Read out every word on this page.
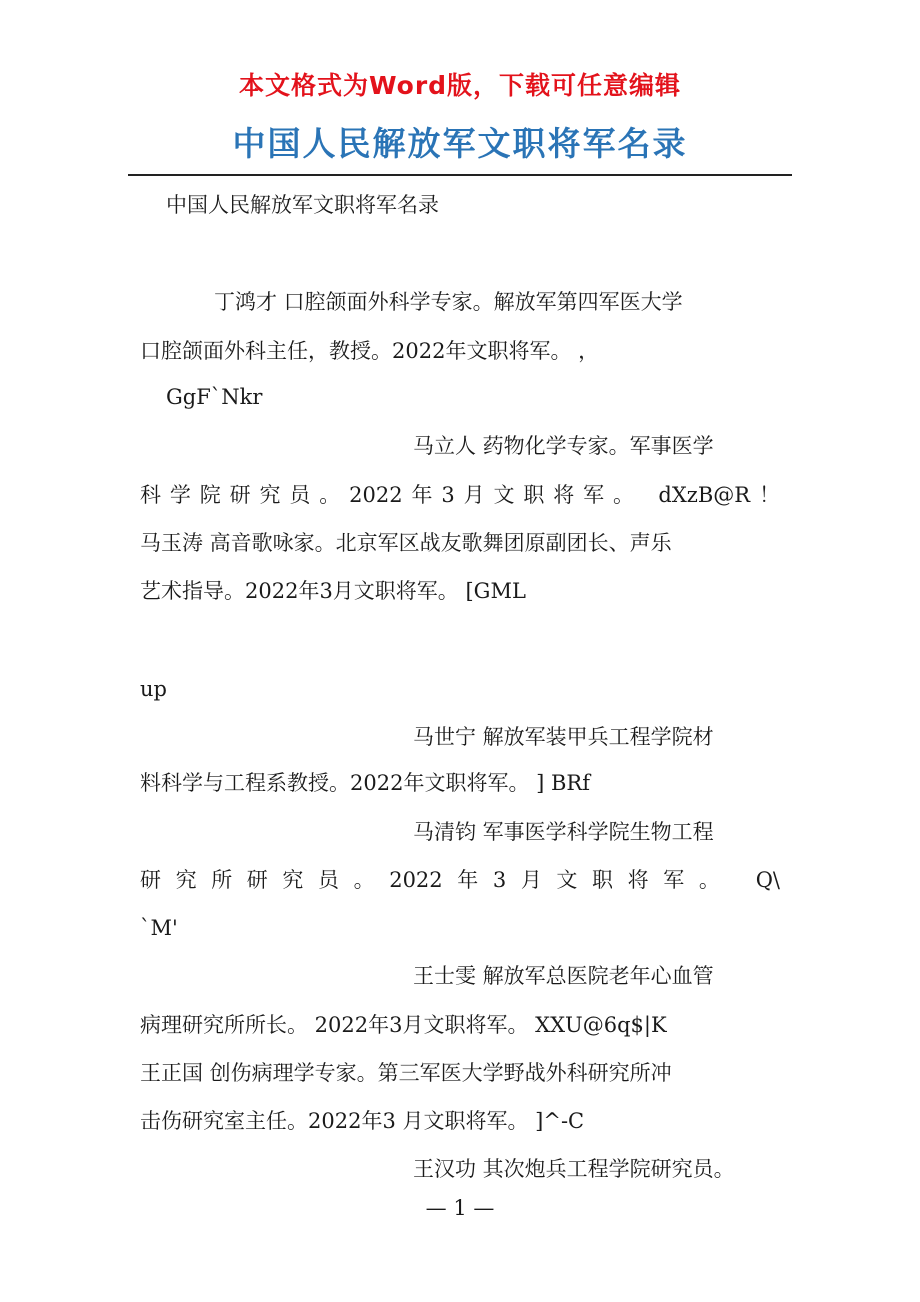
本文格式为Word版，下载可任意编辑
中国人民解放军文职将军名录
中国人民解放军文职将军名录
丁鸿才 口腔颌面外科学专家。解放军第四军医大学
口腔颌面外科主任，教授。2022年文职将军。 ，
GgF`Nkr
马立人 药物化学专家。军事医学
科学院研究员。2022年3月文职将军。 dXzB@R！
马玉涛 高音歌咏家。北京军区战友歌舞团原副团长、声乐
艺术指导。2022年3月文职将军。 [GML
up
马世宁 解放军装甲兵工程学院材
料科学与工程系教授。2022年文职将军。 ] BRf
马清钧 军事医学科学院生物工程
研究所研究员。2022年3月文职将军。 Q\
`M'
王士雯 解放军总医院老年心血管
病理研究所所长。 2022年3月文职将军。 XXU@6q$|K
王正国 创伤病理学专家。第三军医大学野战外科研究所冲
击伤研究室主任。2022年3 月文职将军。 ]^-C
王汉功 其次炮兵工程学院研究员。
— 1 —
